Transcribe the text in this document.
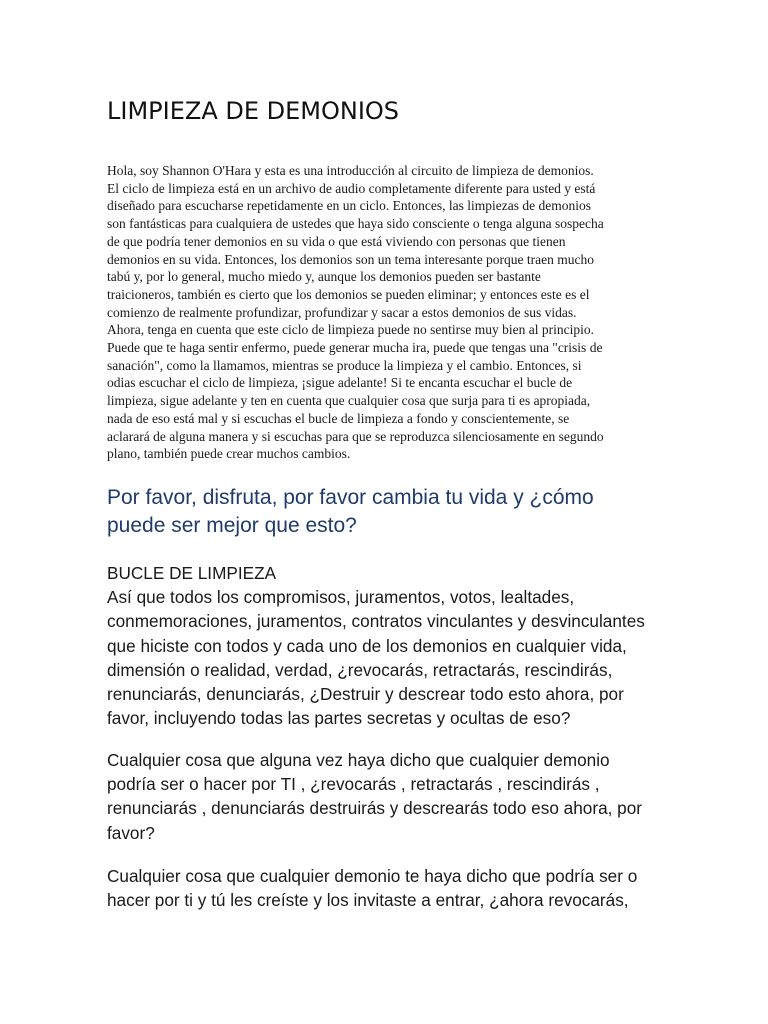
LIMPIEZA DE DEMONIOS
Hola, soy Shannon O'Hara y esta es una introducción al circuito de limpieza de demonios.
El ciclo de limpieza está en un archivo de audio completamente diferente para usted y está
diseñado para escucharse repetidamente en un ciclo. Entonces, las limpiezas de demonios
son fantásticas para cualquiera de ustedes que haya sido consciente o tenga alguna sospecha
de que podría tener demonios en su vida o que está viviendo con personas que tienen
demonios en su vida. Entonces, los demonios son un tema interesante porque traen mucho
tabú y, por lo general, mucho miedo y, aunque los demonios pueden ser bastante
traicioneros, también es cierto que los demonios se pueden eliminar; y entonces este es el
comienzo de realmente profundizar, profundizar y sacar a estos demonios de sus vidas.
Ahora, tenga en cuenta que este ciclo de limpieza puede no sentirse muy bien al principio.
Puede que te haga sentir enfermo, puede generar mucha ira, puede que tengas una "crisis de
sanación", como la llamamos, mientras se produce la limpieza y el cambio. Entonces, si
odias escuchar el ciclo de limpieza, ¡sigue adelante! Si te encanta escuchar el bucle de
limpieza, sigue adelante y ten en cuenta que cualquier cosa que surja para ti es apropiada,
nada de eso está mal y si escuchas el bucle de limpieza a fondo y conscientemente, se
aclarará de alguna manera y si escuchas para que se reproduzca silenciosamente en segundo
plano, también puede crear muchos cambios.
Por favor, disfruta, por favor cambia tu vida y ¿cómo
puede ser mejor que esto?
BUCLE DE LIMPIEZA
Así que todos los compromisos, juramentos, votos, lealtades,
conmemoraciones, juramentos, contratos vinculantes y desvinculantes
que hiciste con todos y cada uno de los demonios en cualquier vida,
dimensión o realidad, verdad, ¿revocarás, retractarás, rescindirás,
renunciarás, denunciarás, ¿Destruir y descrear todo esto ahora, por
favor, incluyendo todas las partes secretas y ocultas de eso?
Cualquier cosa que alguna vez haya dicho que cualquier demonio
podría ser o hacer por TI , ¿revocarás , retractarás , rescindirás ,
renunciarás , denunciarás destruirás y descrearás todo eso ahora, por
favor?
Cualquier cosa que cualquier demonio te haya dicho que podría ser o
hacer por ti y tú les creíste y los invitaste a entrar, ¿ahora revocarás,
